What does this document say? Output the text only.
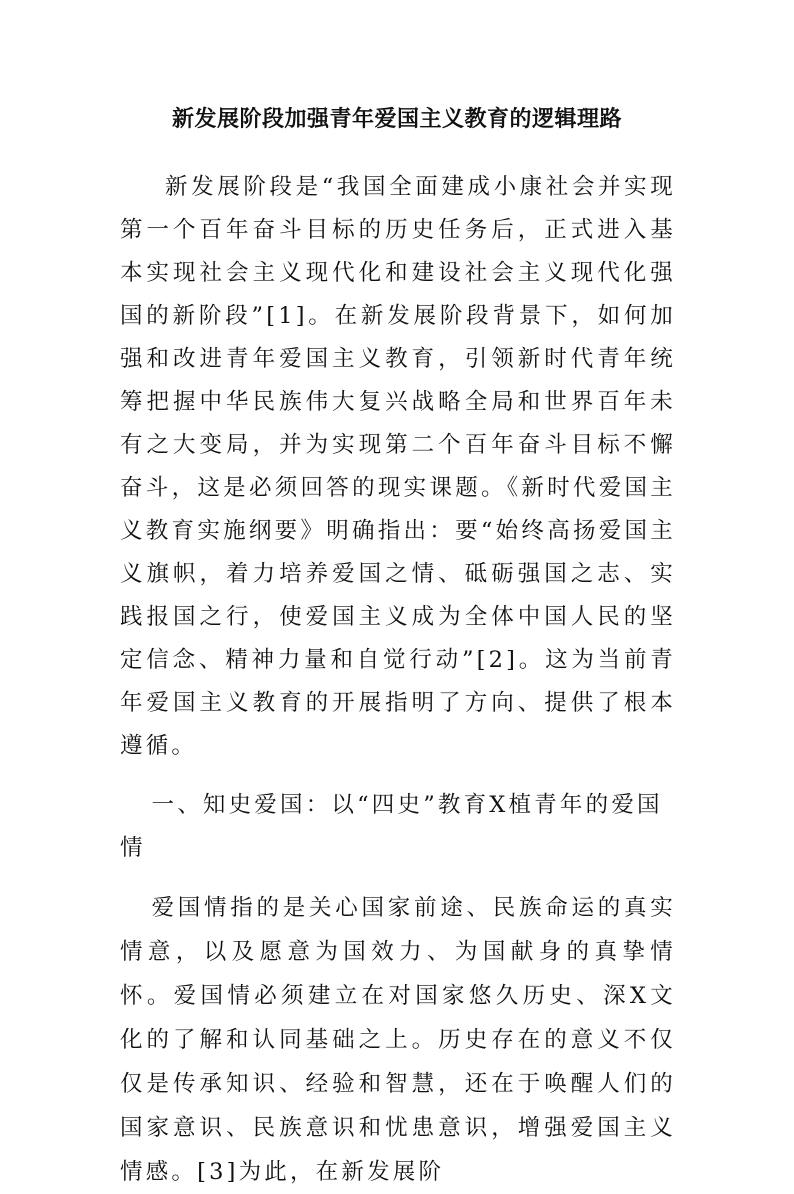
新发展阶段加强青年爱国主义教育的逻辑理路

新发展阶段是“我国全面建成小康社会并实现第一个百年奋斗目标的历史任务后，正式进入基本实现社会主义现代化和建设社会主义现代化强国的新阶段”[1]。在新发展阶段背景下，如何加强和改进青年爱国主义教育，引领新时代青年统筹把握中华民族伟大复兴战略全局和世界百年未有之大变局，并为实现第二个百年奋斗目标不懈奋斗，这是必须回答的现实课题。《新时代爱国主义教育实施纲要》明确指出：要“始终高扬爱国主义旗帜，着力培养爱国之情、砥砺强国之志、实践报国之行，使爱国主义成为全体中国人民的坚定信念、精神力量和自觉行动”[2]。这为当前青年爱国主义教育的开展指明了方向、提供了根本遵循。

一、知史爱国：以“四史”教育X植青年的爱国情

爱国情指的是关心国家前途、民族命运的真实情意，以及愿意为国效力、为国献身的真挚情怀。爱国情必须建立在对国家悠久历史、深X文化的了解和认同基础之上。历史存在的意义不仅仅是传承知识、经验和智慧，还在于唤醒人们的国家意识、民族意识和忧患意识，增强爱国主义情感。[3]为此，在新发展阶
